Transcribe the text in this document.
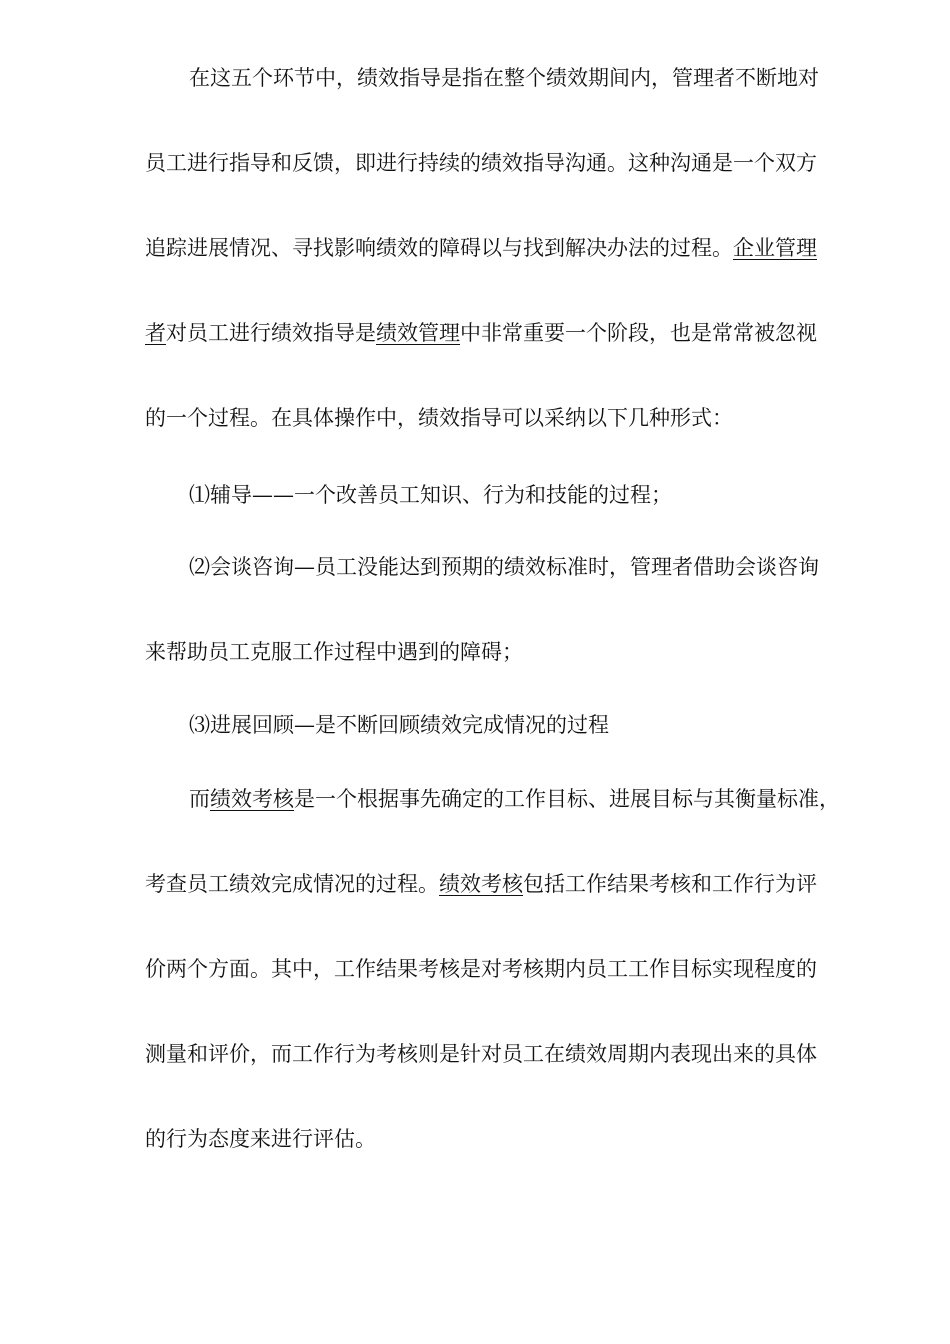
在这五个环节中，绩效指导是指在整个绩效期间内，管理者不断地对
员工进行指导和反馈，即进行持续的绩效指导沟通。这种沟通是一个双方
追踪进展情况、寻找影响绩效的障碍以与找到解决办法的过程。企业管理
者对员工进行绩效指导是绩效管理中非常重要一个阶段，也是常常被忽视
的一个过程。在具体操作中，绩效指导可以采纳以下几种形式：
⑴辅导——一个改善员工知识、行为和技能的过程；
⑵会谈咨询—员工没能达到预期的绩效标准时，管理者借助会谈咨询
来帮助员工克服工作过程中遇到的障碍；
⑶进展回顾—是不断回顾绩效完成情况的过程
而绩效考核是一个根据事先确定的工作目标、进展目标与其衡量标准，
考查员工绩效完成情况的过程。绩效考核包括工作结果考核和工作行为评
价两个方面。其中，工作结果考核是对考核期内员工工作目标实现程度的
测量和评价，而工作行为考核则是针对员工在绩效周期内表现出来的具体
的行为态度来进行评估。
